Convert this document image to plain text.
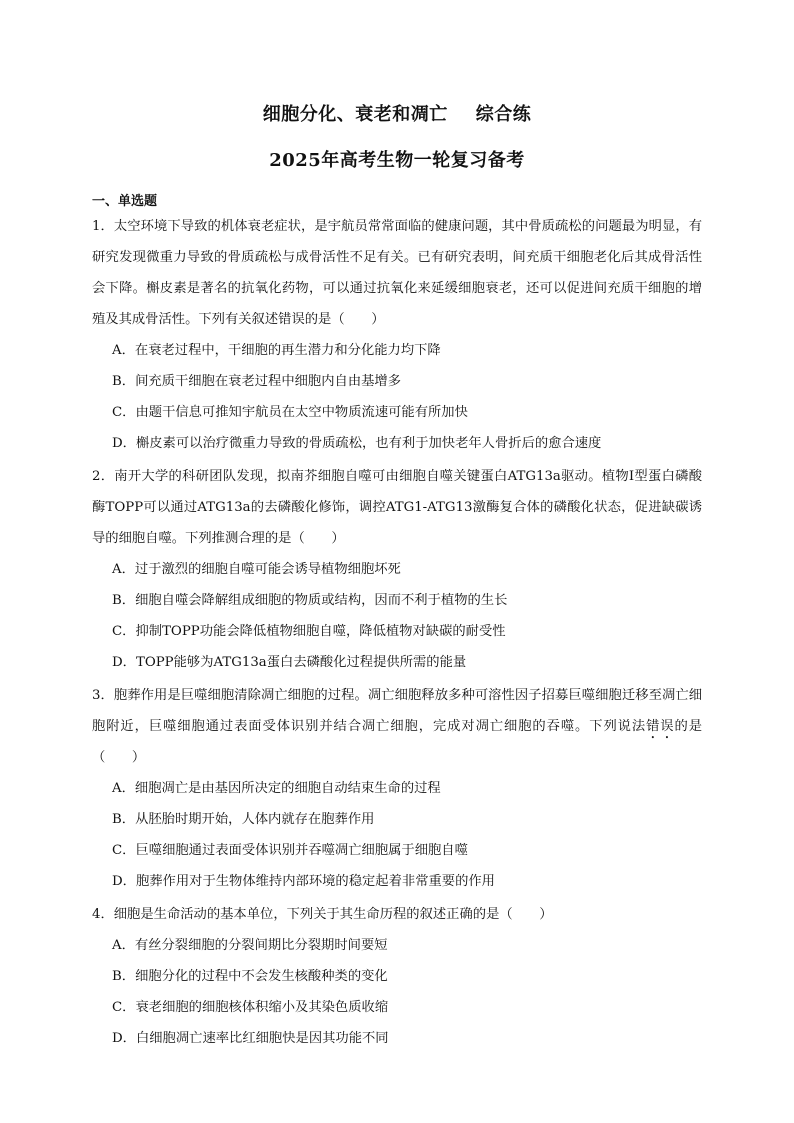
细胞分化、衰老和凋亡 综合练
2025年高考生物一轮复习备考
一、单选题

1．太空环境下导致的机体衰老症状，是宇航员常常面临的健康问题，其中骨质疏松的问题最为明显，有研究发现微重力导致的骨质疏松与成骨活性不足有关。已有研究表明，间充质干细胞老化后其成骨活性会下降。槲皮素是著名的抗氧化药物，可以通过抗氧化来延缓细胞衰老，还可以促进间充质干细胞的增殖及其成骨活性。下列有关叙述错误的是（　　）

A．在衰老过程中，干细胞的再生潜力和分化能力均下降

B．间充质干细胞在衰老过程中细胞内自由基增多

C．由题干信息可推知宇航员在太空中物质流速可能有所加快

D．槲皮素可以治疗微重力导致的骨质疏松，也有利于加快老年人骨折后的愈合速度

2．南开大学的科研团队发现，拟南芥细胞自噬可由细胞自噬关键蛋白ATG13a驱动。植物Ⅰ型蛋白磷酸酶TOPP可以通过ATG13a的去磷酸化修饰，调控ATG1-ATG13激酶复合体的磷酸化状态，促进缺碳诱导的细胞自噬。下列推测合理的是（　　）

A．过于激烈的细胞自噬可能会诱导植物细胞坏死

B．细胞自噬会降解组成细胞的物质或结构，因而不利于植物的生长

C．抑制TOPP功能会降低植物细胞自噬，降低植物对缺碳的耐受性

D．TOPP能够为ATG13a蛋白去磷酸化过程提供所需的能量

3．胞葬作用是巨噬细胞清除凋亡细胞的过程。凋亡细胞释放多种可溶性因子招募巨噬细胞迁移至凋亡细胞附近，巨噬细胞通过表面受体识别并结合凋亡细胞，完成对凋亡细胞的吞噬。下列说法错误的是（　　）

A．细胞凋亡是由基因所决定的细胞自动结束生命的过程

B．从胚胎时期开始，人体内就存在胞葬作用

C．巨噬细胞通过表面受体识别并吞噬凋亡细胞属于细胞自噬

D．胞葬作用对于生物体维持内部环境的稳定起着非常重要的作用

4．细胞是生命活动的基本单位，下列关于其生命历程的叙述正确的是（　　）

A．有丝分裂细胞的分裂间期比分裂期时间要短

B．细胞分化的过程中不会发生核酸种类的变化

C．衰老细胞的细胞核体积缩小及其染色质收缩

D．白细胞凋亡速率比红细胞快是因其功能不同
